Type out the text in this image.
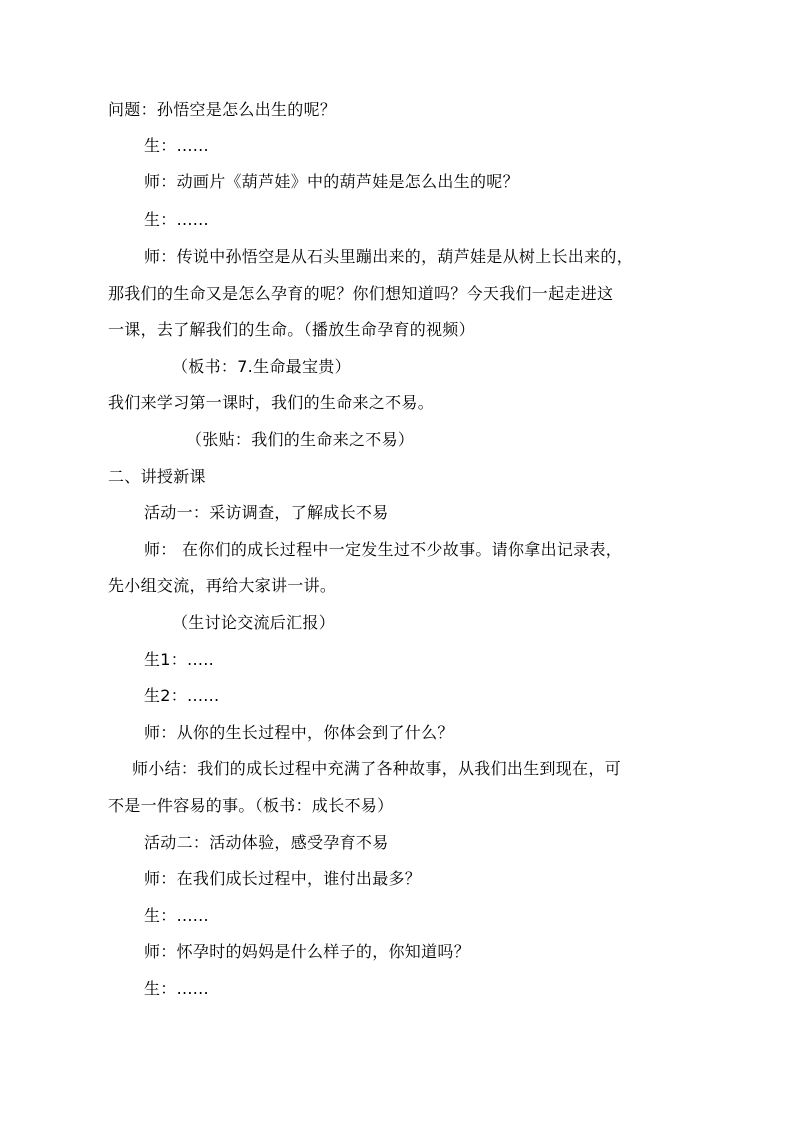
问题：孙悟空是怎么出生的呢？
生：......
师：动画片《葫芦娃》中的葫芦娃是怎么出生的呢？
生：......
师：传说中孙悟空是从石头里蹦出来的，葫芦娃是从树上长出来的，
那我们的生命又是怎么孕育的呢？你们想知道吗？今天我们一起走进这
一课，去了解我们的生命。（播放生命孕育的视频）
（板书：7.生命最宝贵）
我们来学习第一课时，我们的生命来之不易。
（张贴：我们的生命来之不易）
二、讲授新课
活动一：采访调查，了解成长不易
师： 在你们的成长过程中一定发生过不少故事。请你拿出记录表，
先小组交流，再给大家讲一讲。
（生讨论交流后汇报）
生1：.....
生2：......
师：从你的生长过程中，你体会到了什么？
师小结：我们的成长过程中充满了各种故事，从我们出生到现在，可
不是一件容易的事。（板书：成长不易）
活动二：活动体验，感受孕育不易
师：在我们成长过程中，谁付出最多？
生：......
师：怀孕时的妈妈是什么样子的，你知道吗？
生：......
